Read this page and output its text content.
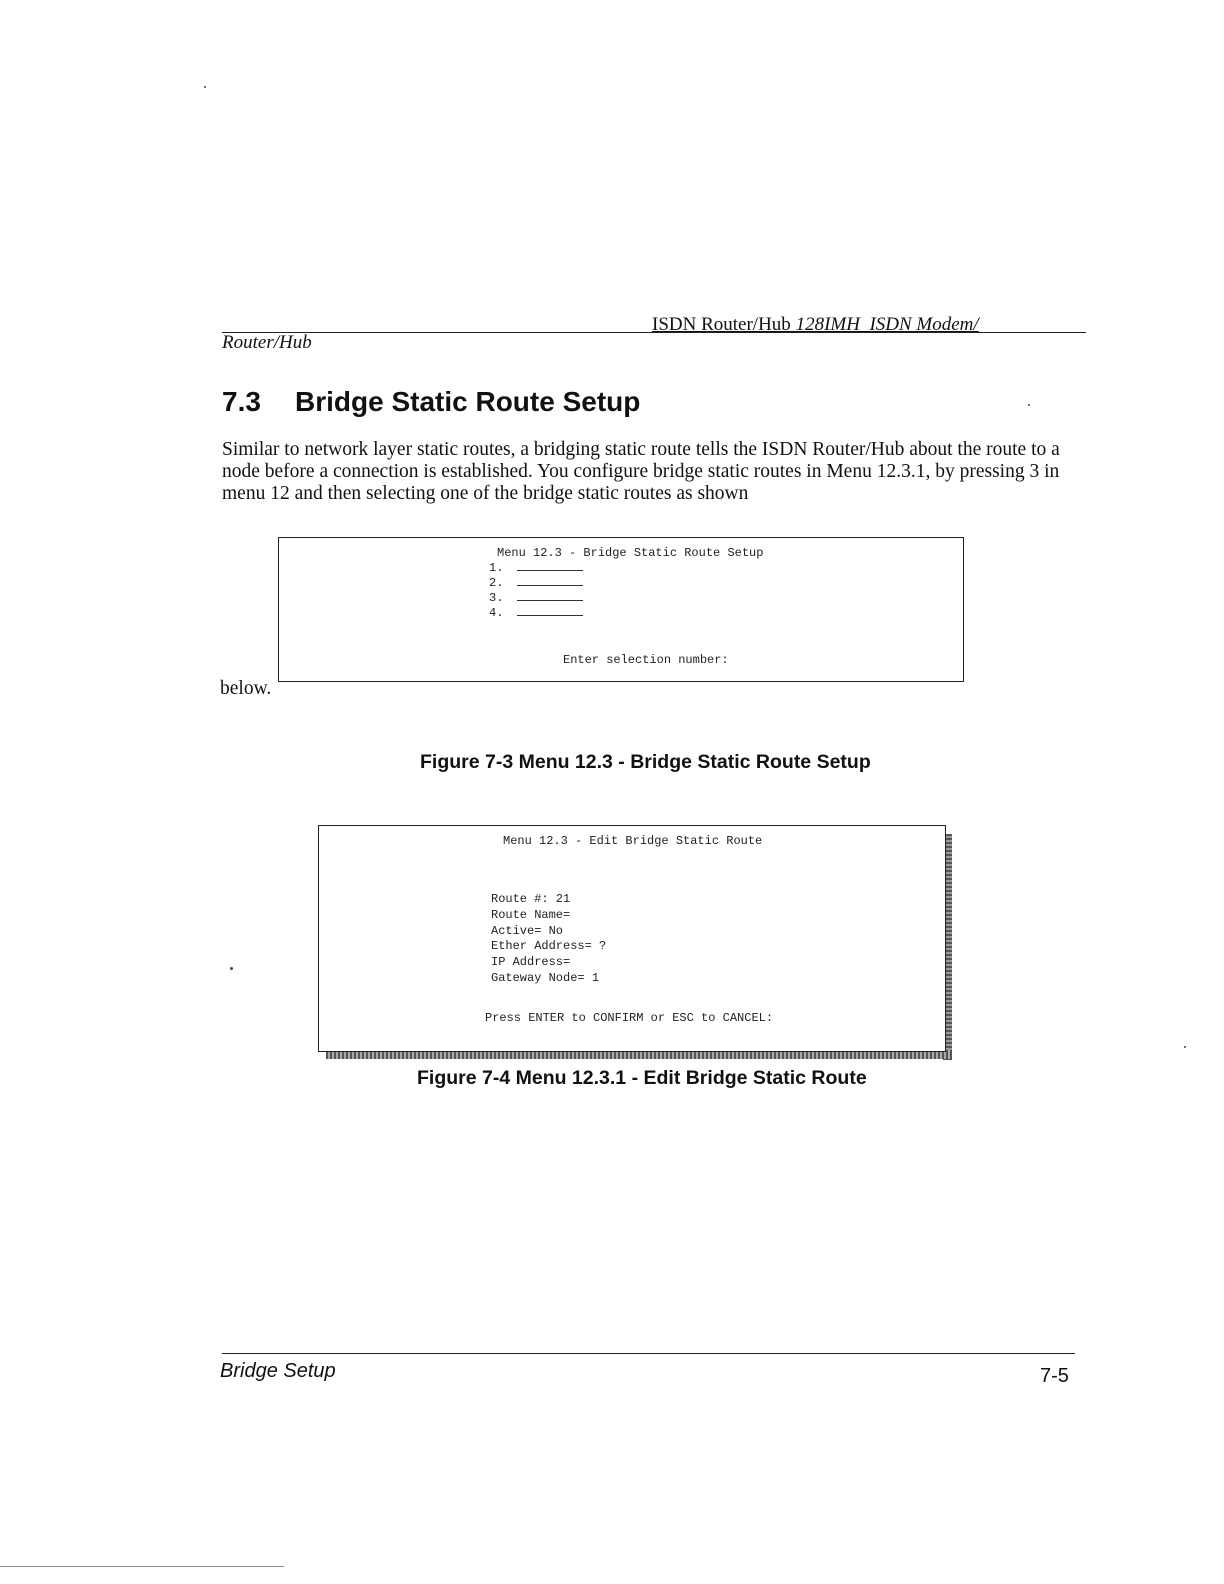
ISDN Router/Hub 128IMH ISDN Modem/
Router/Hub
7.3 Bridge Static Route Setup

Similar to network layer static routes, a bridging static route tells the ISDN Router/Hub about the route to a node before a connection is established. You configure bridge static routes in Menu 12.3.1, by pressing 3 in menu 12 and then selecting one of the bridge static routes as shown

below.
Menu 12.3 - Bridge Static Route Setup
1.
2.
3.
4.
Enter selection number:
Figure 7-3 Menu 12.3 - Bridge Static Route Setup
Menu 12.3 - Edit Bridge Static Route
Route #: 21
Route Name=
Active= No
Ether Address= ?
IP Address=
Gateway Node= 1
Press ENTER to CONFIRM or ESC to CANCEL:
Figure 7-4 Menu 12.3.1 - Edit Bridge Static Route
Bridge Setup	7-5
